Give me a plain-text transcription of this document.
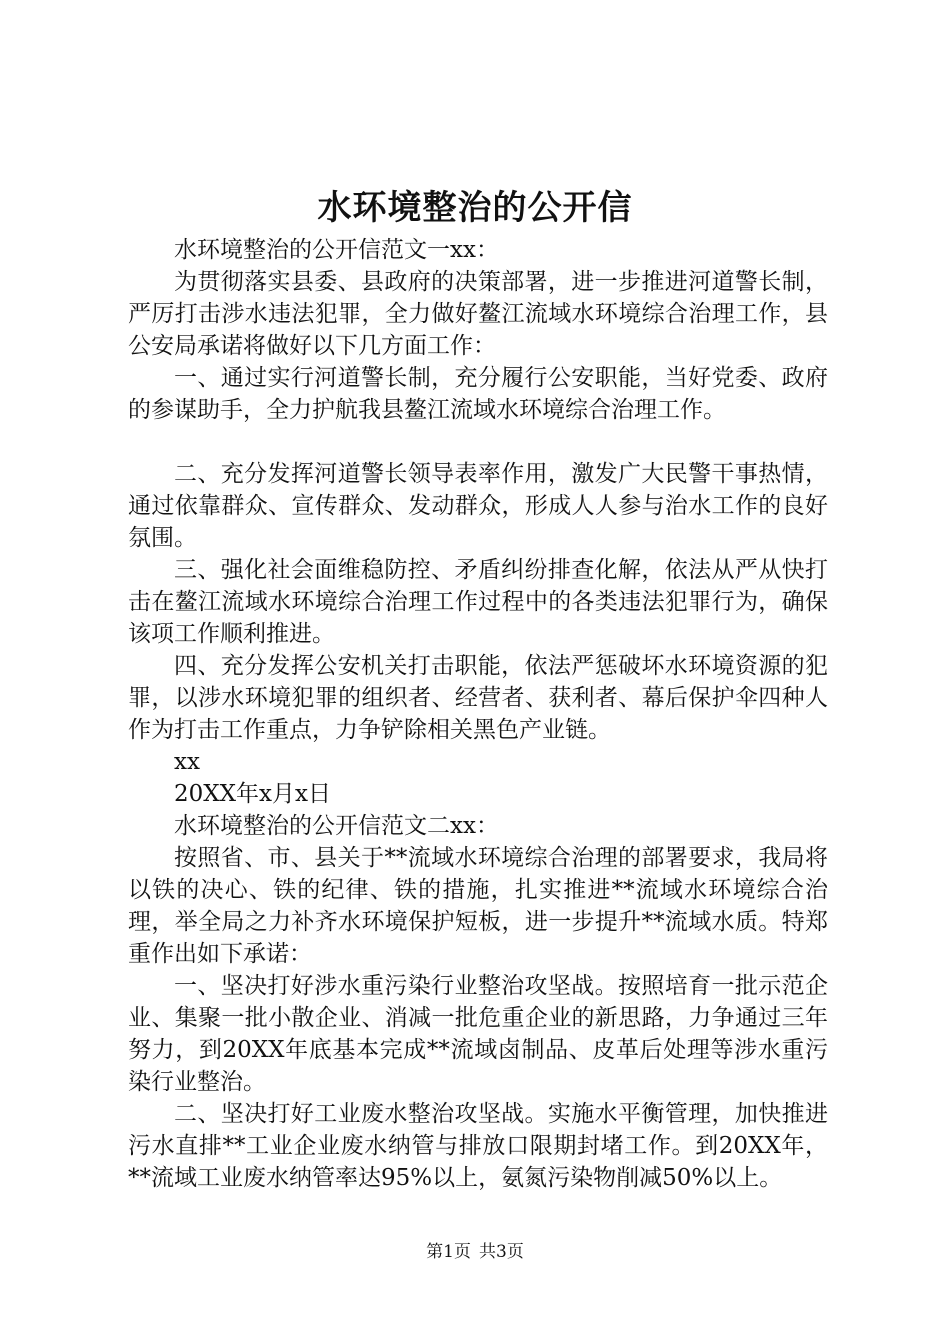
水环境整治的公开信

水环境整治的公开信范文一xx：

为贯彻落实县委、县政府的决策部署，进一步推进河道警长制，严厉打击涉水违法犯罪，全力做好鳌江流域水环境综合治理工作，县公安局承诺将做好以下几方面工作：

一、通过实行河道警长制，充分履行公安职能，当好党委、政府的参谋助手，全力护航我县鳌江流域水环境综合治理工作。

二、充分发挥河道警长领导表率作用，激发广大民警干事热情，通过依靠群众、宣传群众、发动群众，形成人人参与治水工作的良好氛围。

三、强化社会面维稳防控、矛盾纠纷排查化解，依法从严从快打击在鳌江流域水环境综合治理工作过程中的各类违法犯罪行为，确保该项工作顺利推进。

四、充分发挥公安机关打击职能，依法严惩破坏水环境资源的犯罪，以涉水环境犯罪的组织者、经营者、获利者、幕后保护伞四种人作为打击工作重点，力争铲除相关黑色产业链。

xx

20XX年x月x日

水环境整治的公开信范文二xx：

按照省、市、县关于**流域水环境综合治理的部署要求，我局将以铁的决心、铁的纪律、铁的措施，扎实推进**流域水环境综合治理，举全局之力补齐水环境保护短板，进一步提升**流域水质。特郑重作出如下承诺：

一、坚决打好涉水重污染行业整治攻坚战。按照培育一批示范企业、集聚一批小散企业、消减一批危重企业的新思路，力争通过三年努力，到20XX年底基本完成**流域卤制品、皮革后处理等涉水重污染行业整治。

二、坚决打好工业废水整治攻坚战。实施水平衡管理，加快推进污水直排**工业企业废水纳管与排放口限期封堵工作。到20XX年，**流域工业废水纳管率达95%以上，氨氮污染物削减50%以上。

第1页 共3页
